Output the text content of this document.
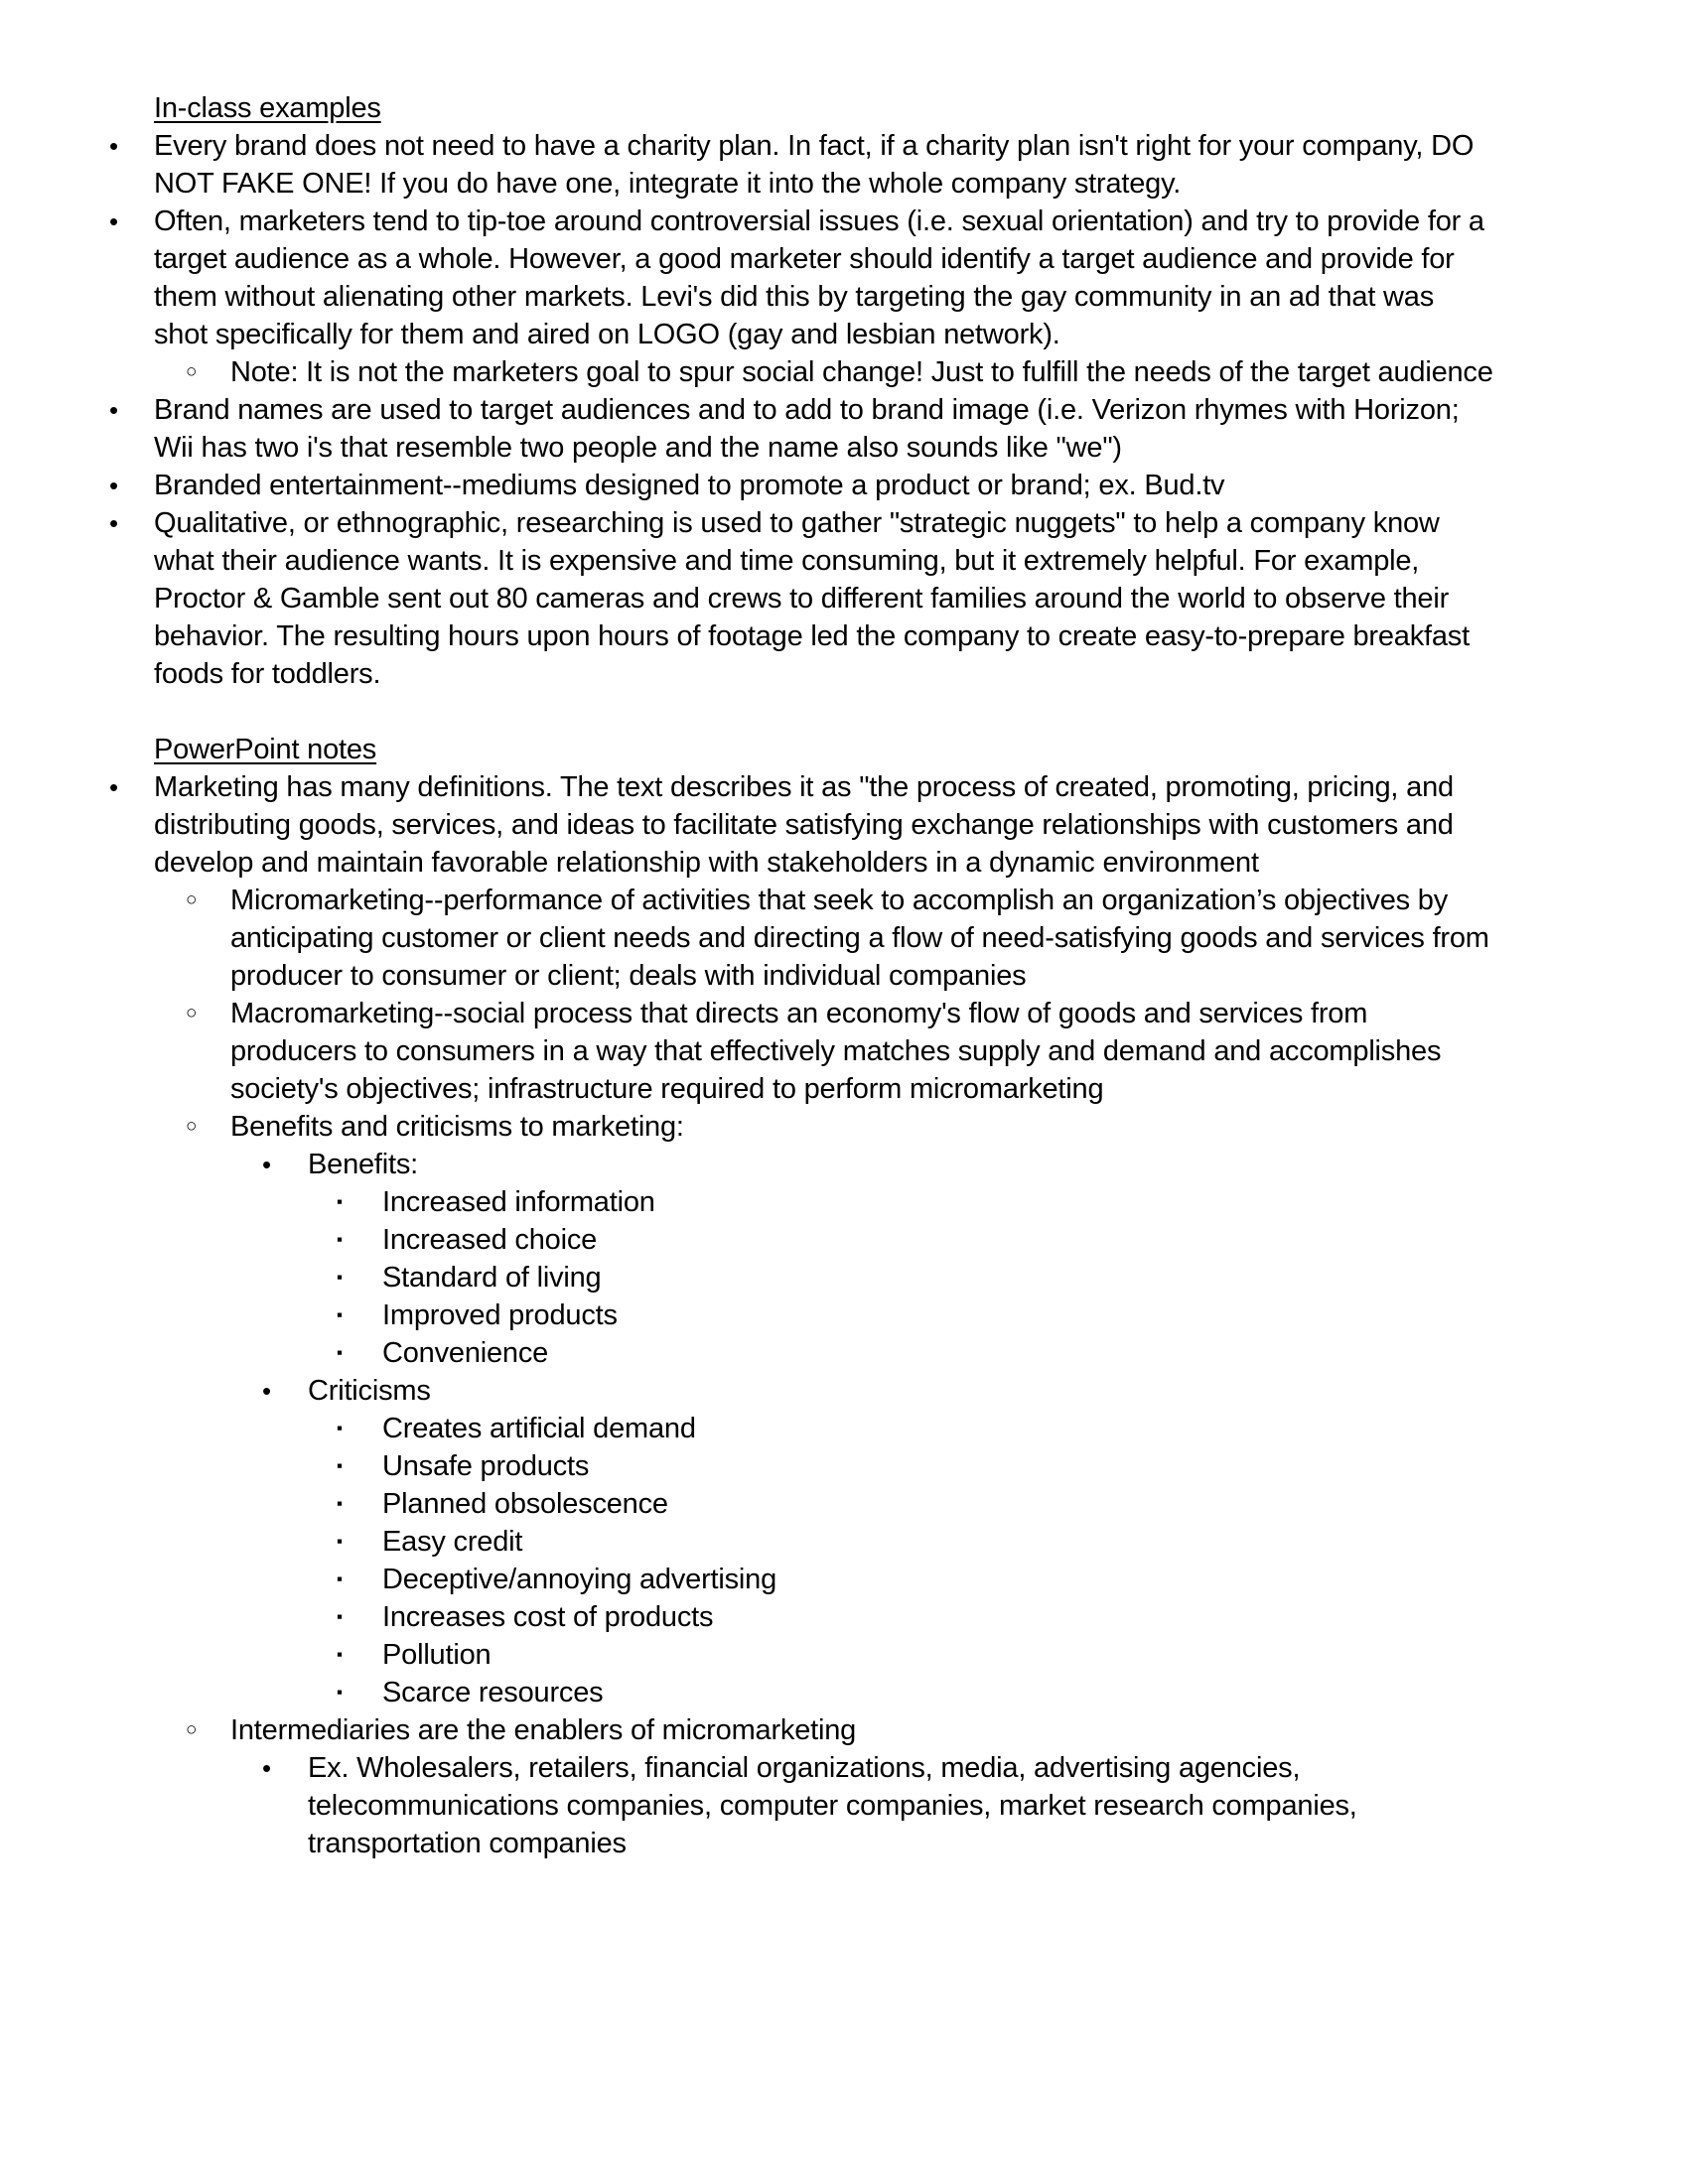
In-class examples
•	Every brand does not need to have a charity plan. In fact, if a charity plan isn't right for your company, DO NOT FAKE ONE! If you do have one, integrate it into the whole company strategy.
•	Often, marketers tend to tip-toe around controversial issues (i.e. sexual orientation) and try to provide for a target audience as a whole. However, a good marketer should identify a target audience and provide for them without alienating other markets. Levi's did this by targeting the gay community in an ad that was shot specifically for them and aired on LOGO (gay and lesbian network).
○	Note: It is not the marketers goal to spur social change! Just to fulfill the needs of the target audience
•	Brand names are used to target audiences and to add to brand image (i.e. Verizon rhymes with Horizon; Wii has two i's that resemble two people and the name also sounds like "we")
•	Branded entertainment--mediums designed to promote a product or brand; ex. Bud.tv
•	Qualitative, or ethnographic, researching is used to gather "strategic nuggets" to help a company know what their audience wants. It is expensive and time consuming, but it extremely helpful. For example, Proctor & Gamble sent out 80 cameras and crews to different families around the world to observe their behavior. The resulting hours upon hours of footage led the company to create easy-to-prepare breakfast foods for toddlers.
PowerPoint notes
•	Marketing has many definitions. The text describes it as "the process of created, promoting, pricing, and distributing goods, services, and ideas to facilitate satisfying exchange relationships with customers and develop and maintain favorable relationship with stakeholders in a dynamic environment
○	Micromarketing--performance of activities that seek to accomplish an organization’s objectives by anticipating customer or client needs and directing a flow of need-satisfying goods and services from producer to consumer or client; deals with individual companies
○	Macromarketing--social process that directs an economy's flow of goods and services from producers to consumers in a way that effectively matches supply and demand and accomplishes society's objectives; infrastructure required to perform micromarketing
○	Benefits and criticisms to marketing:
•	Benefits:
▪	Increased information
▪	Increased choice
▪	Standard of living
▪	Improved products
▪	Convenience
•	Criticisms
▪	Creates artificial demand
▪	Unsafe products
▪	Planned obsolescence
▪	Easy credit
▪	Deceptive/annoying advertising
▪	Increases cost of products
▪	Pollution
▪	Scarce resources
○	Intermediaries are the enablers of micromarketing
•	Ex. Wholesalers, retailers, financial organizations, media, advertising agencies, telecommunications companies, computer companies, market research companies, transportation companies
